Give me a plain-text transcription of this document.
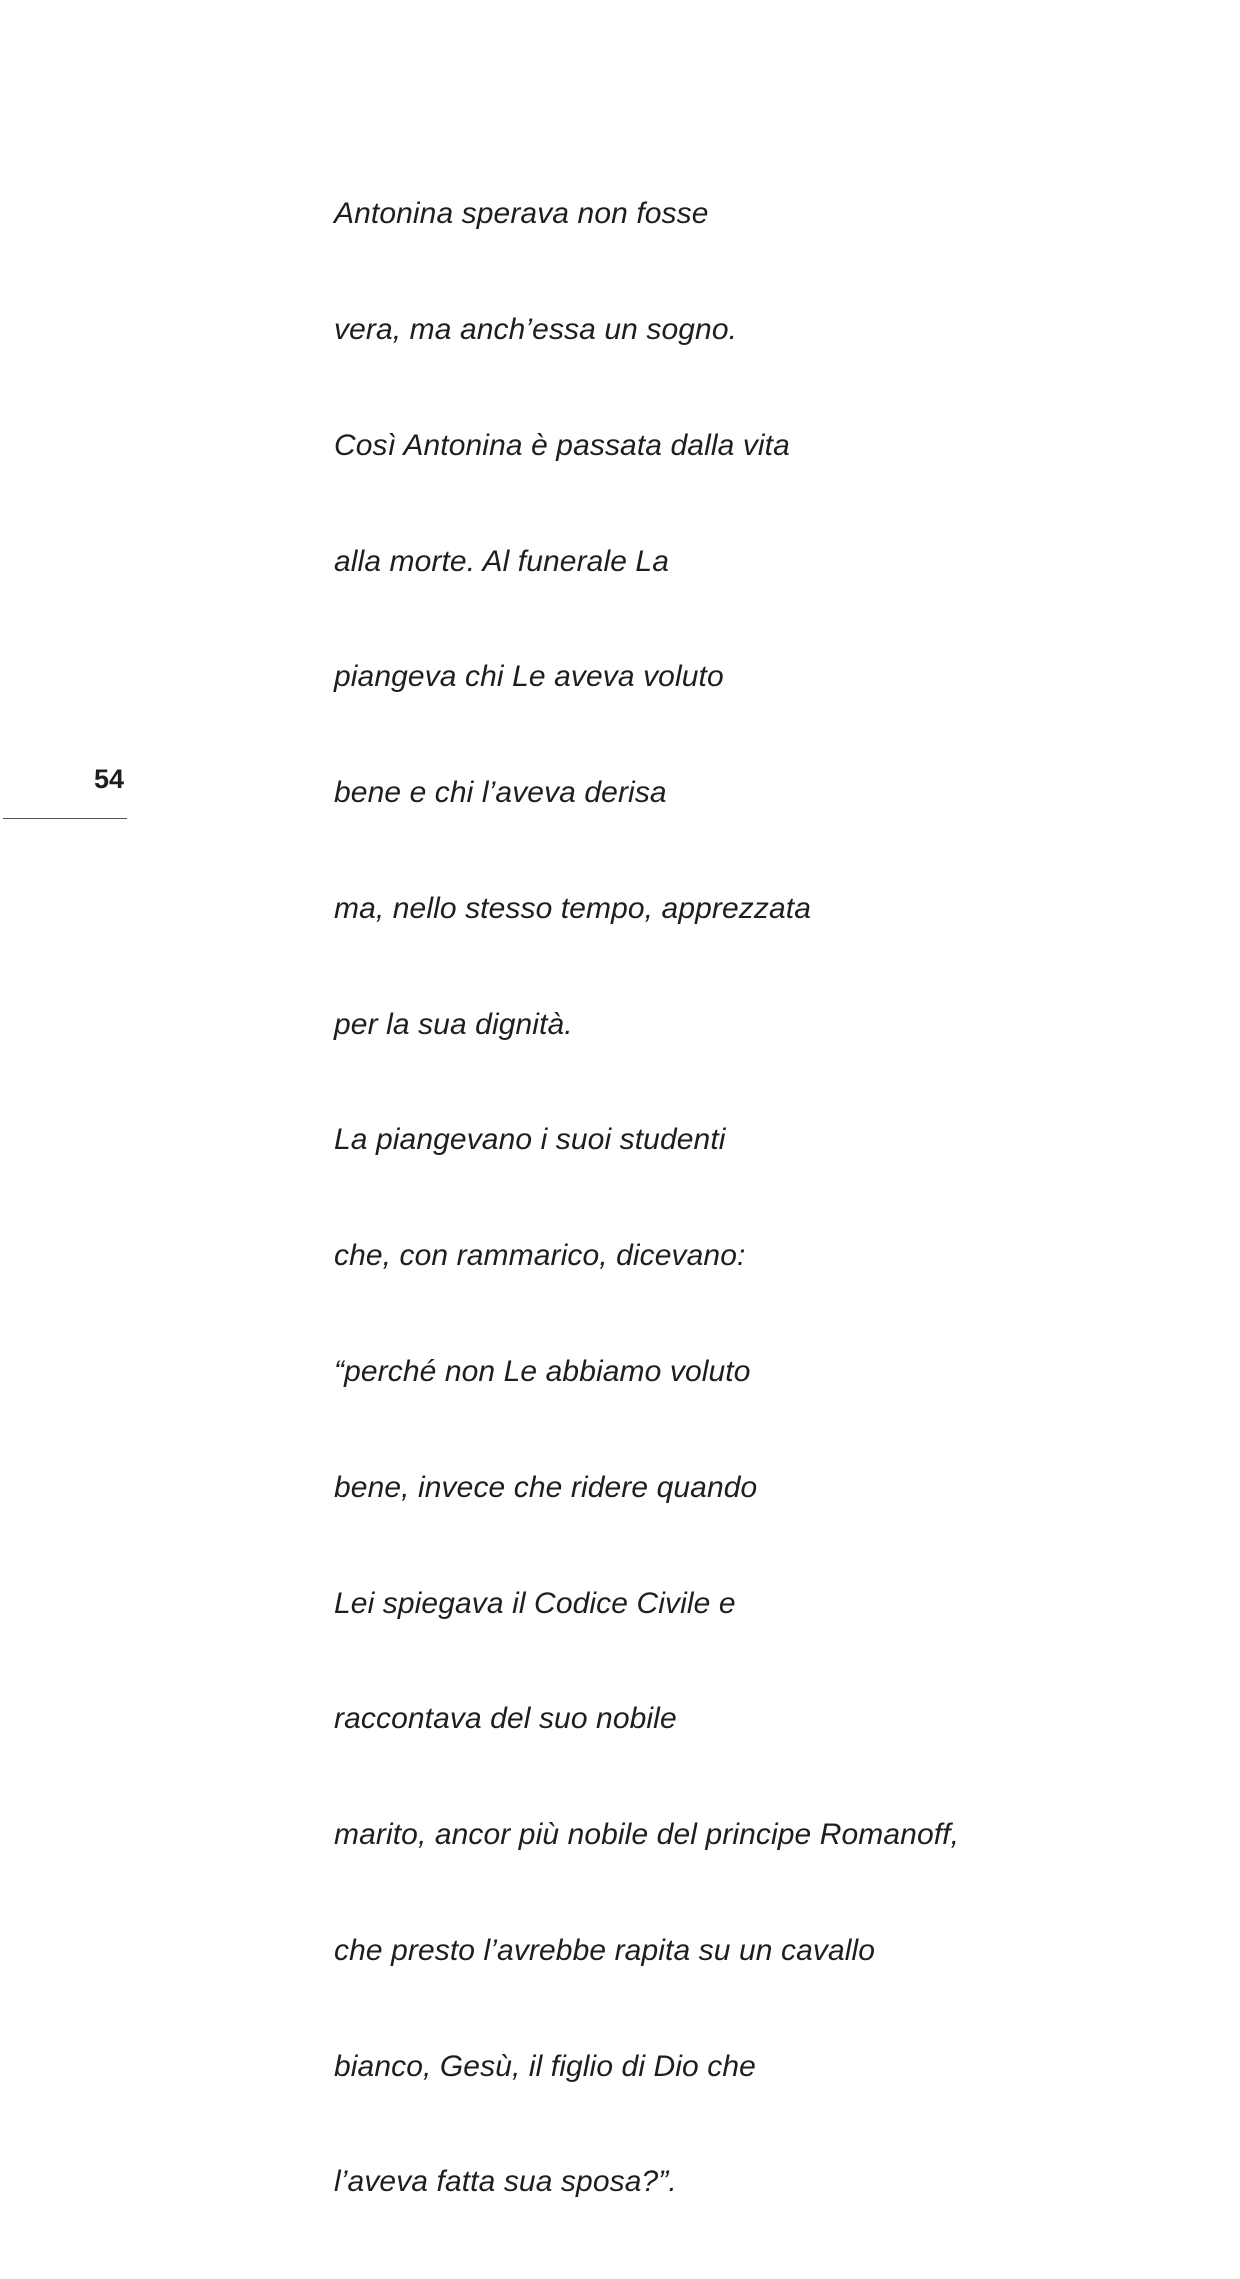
Antonina sperava non fosse

vera, ma anch’essa un sogno.

Così Antonina è passata dalla vita

alla morte. Al funerale La

piangeva chi Le aveva voluto

bene e chi l’aveva derisa

ma, nello stesso tempo, apprezzata

per la sua dignità.

La piangevano i suoi studenti

che, con rammarico, dicevano:

“perché non Le abbiamo voluto

bene, invece che ridere quando

Lei spiegava il Codice Civile e

raccontava del suo nobile

marito, ancor più nobile del principe Romanoff,

che presto l’avrebbe rapita su un cavallo

bianco, Gesù, il figlio di Dio che

l’aveva fatta sua sposa?”.

54
